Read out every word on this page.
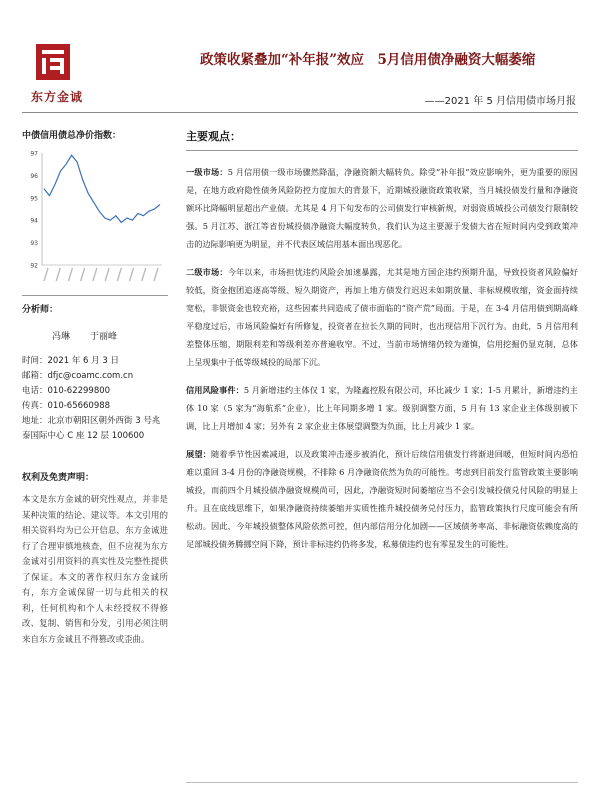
东方金诚
政策收紧叠加“补年报”效应　5月信用债净融资大幅萎缩
——2021 年 5 月信用债市场月报
中债信用债总净价指数：
97
96
95
94
93
92
分析师：
冯琳 于丽峰
时间：2021 年 6 月 3 日
邮箱：dfjc@coamc.com.cn
电话：010-62299800
传真：010-65660988
地址：北京市朝阳区朝外西街 3 号兆泰国际中心 C 座 12 层 100600
权利及免责声明：
本文是东方金诚的研究性观点，并非是某种决策的结论、建议等。本文引用的相关资料均为已公开信息，东方金诚进行了合理审慎地核查，但不应视为东方金诚对引用资料的真实性及完整性提供了保证。本文的著作权归东方金诚所有，东方金诚保留一切与此相关的权利，任何机构和个人未经授权不得修改、复制、销售和分发，引用必须注明来自东方金诚且不得篡改或歪曲。
主要观点：

一级市场：5 月信用债一级市场骤然降温，净融资额大幅转负。除受“补年报”效应影响外，更为重要的原因是，在地方政府隐性债务风险防控力度加大的背景下，近期城投融资政策收紧，当月城投债发行量和净融资额环比降幅明显超出产业债。尤其是 4 月下旬发布的公司债发行审核新规，对弱资质城投公司债发行限制较强。5 月江苏、浙江等省份城投债净融资大幅度转负，我们认为这主要源于发债大省在短时间内受到政策冲击的边际影响更为明显，并不代表区域信用基本面出现恶化。

二级市场：今年以来，市场担忧违约风险会加速暴露，尤其是地方国企违约预期升温，导致投资者风险偏好较低，资金抱团追逐高等级、短久期资产，再加上地方债发行迟迟未如期放量、非标规模收缩，资金面持续宽松，非银资金也较充裕，这些因素共同造成了债市面临的“资产荒”局面。于是，在 3-4 月信用债到期高峰平稳度过后，市场风险偏好有所修复，投资者在拉长久期的同时，也出现信用下沉行为。由此，5 月信用利差整体压缩，期限利差和等级利差亦普遍收窄。不过，当前市场情绪仍较为谨慎，信用挖掘仍显克制，总体上呈现集中于低等级城投的局部下沉。

信用风险事件：5 月新增违约主体仅 1 家，为隆鑫控股有限公司，环比减少 1 家；1-5 月累计，新增违约主体 10 家（5 家为“海航系”企业），比上年同期多增 1 家。级别调整方面，5 月有 13 家企业主体级别被下调，比上月增加 4 家；另外有 2 家企业主体展望调整为负面，比上月减少 1 家。

展望：随着季节性因素减退，以及政策冲击逐步被消化，预计后续信用债发行将渐进回暖，但短时间内恐怕难以重回 3-4 月份的净融资规模，不排除 6 月净融资依然为负的可能性。考虑到目前发行监管政策主要影响城投，而前四个月城投债净融资规模尚可，因此，净融资短时间萎缩应当不会引发城投债兑付风险的明显上升。且在底线思维下，如果净融资持续萎缩并实质性推升城投债务兑付压力，监管政策执行尺度可能会有所松动。因此，今年城投债整体风险依然可控，但内部信用分化加剧——区域债务率高、非标融资依赖度高的足部城投债务腾挪空间下降，预计非标违约仍将多发，私募债违约也有零星发生的可能性。
